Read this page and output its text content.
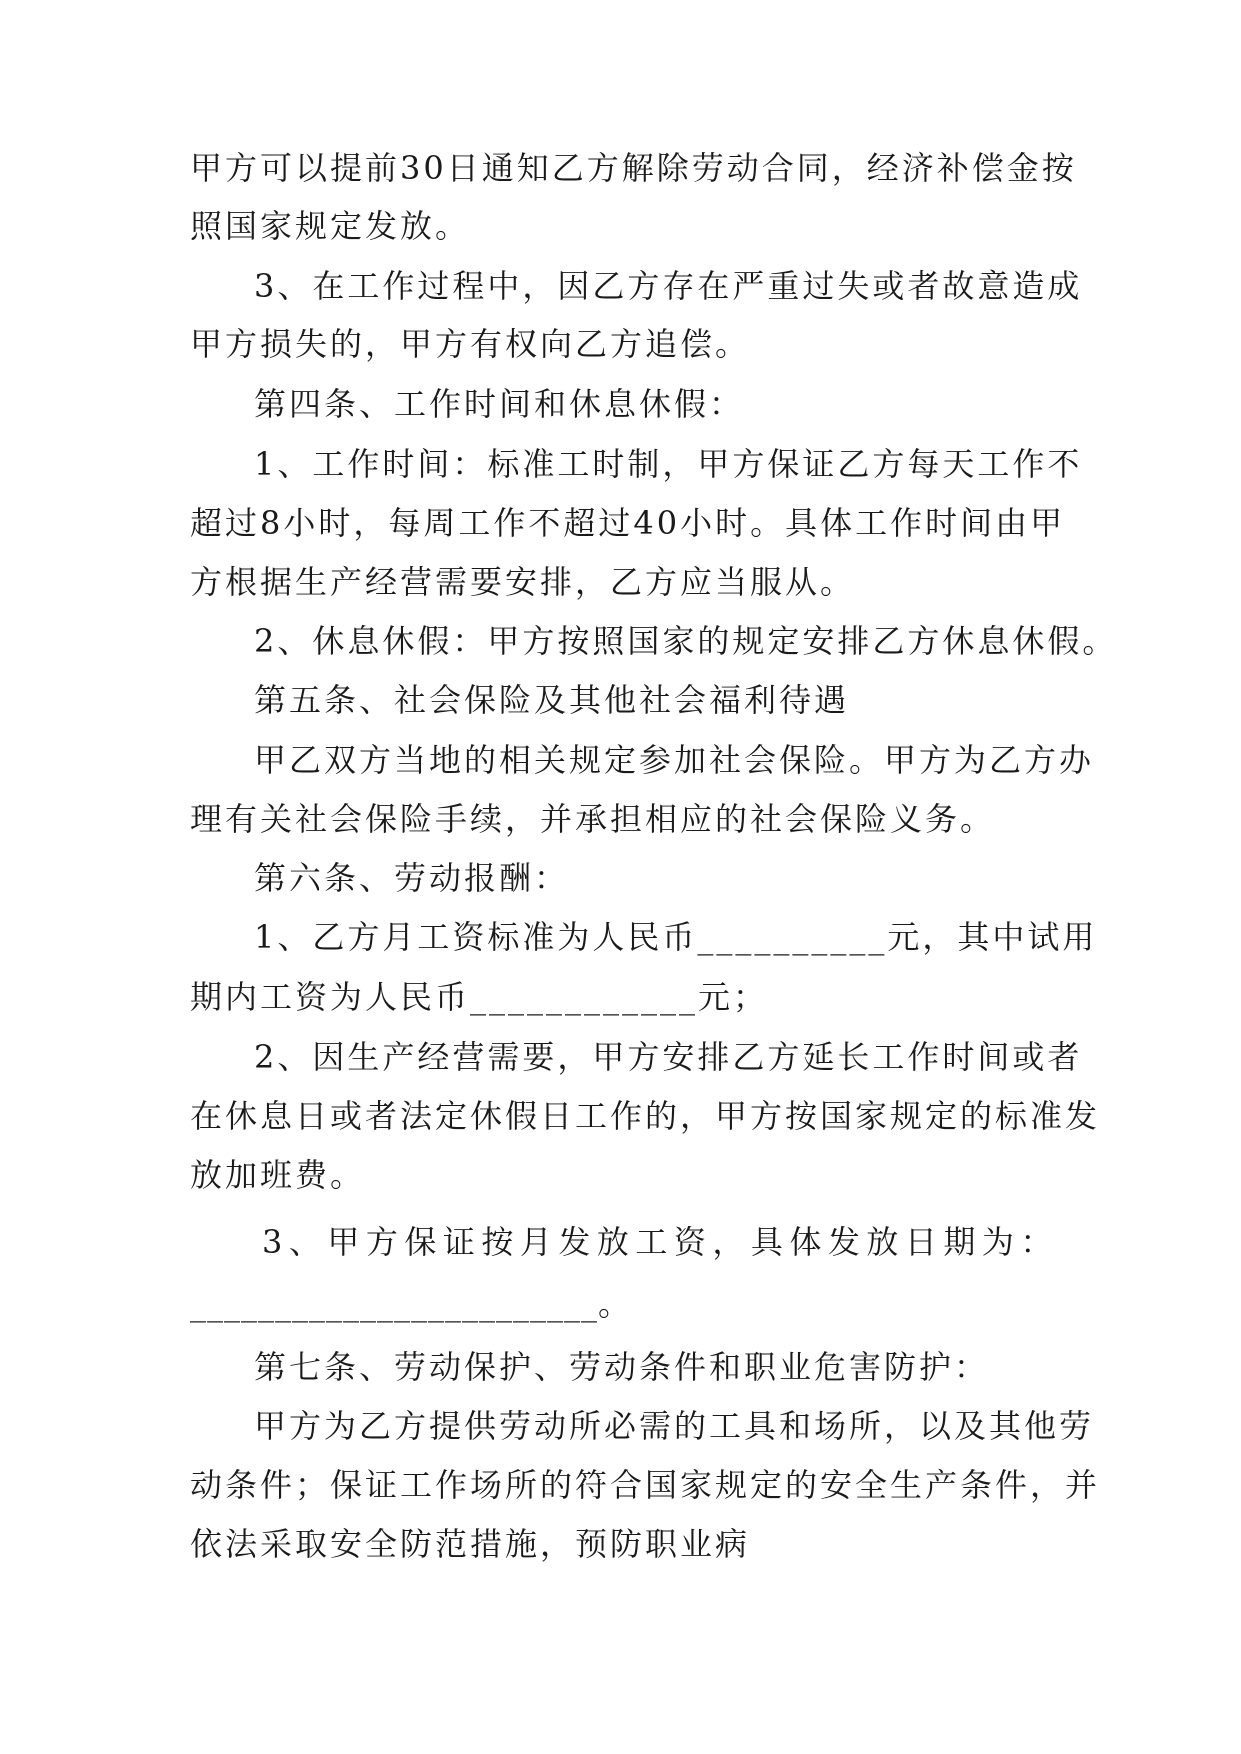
甲方可以提前30日通知乙方解除劳动合同，经济补偿金按
照国家规定发放。
3、在工作过程中，因乙方存在严重过失或者故意造成
甲方损失的，甲方有权向乙方追偿。
第四条、工作时间和休息休假：
1、工作时间：标准工时制，甲方保证乙方每天工作不
超过8小时，每周工作不超过40小时。具体工作时间由甲
方根据生产经营需要安排，乙方应当服从。
2、休息休假：甲方按照国家的规定安排乙方休息休假。
第五条、社会保险及其他社会福利待遇
甲乙双方当地的相关规定参加社会保险。甲方为乙方办
理有关社会保险手续，并承担相应的社会保险义务。
第六条、劳动报酬：
1、乙方月工资标准为人民币__________元，其中试用
期内工资为人民币____________元；
2、因生产经营需要，甲方安排乙方延长工作时间或者
在休息日或者法定休假日工作的，甲方按国家规定的标准发
放加班费。
3、甲方保证按月发放工资，具体发放日期为：
________________________。
第七条、劳动保护、劳动条件和职业危害防护：
甲方为乙方提供劳动所必需的工具和场所，以及其他劳
动条件；保证工作场所的符合国家规定的安全生产条件，并
依法采取安全防范措施，预防职业病
